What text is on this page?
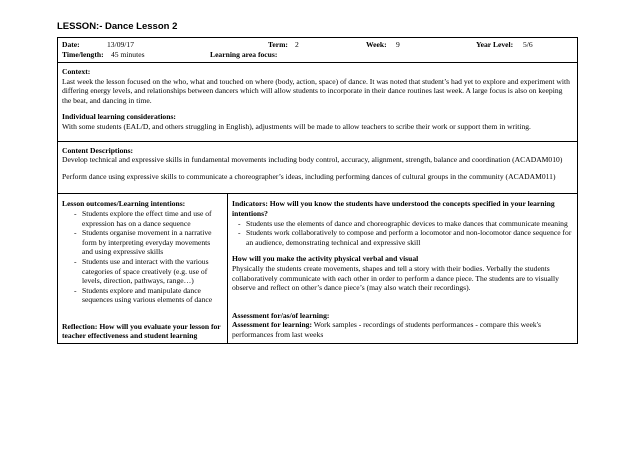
LESSON:- Dance Lesson 2
Date:	13/09/17	Term: 2	Week: 9	Year Level: 5/6
Time/length: 45 minutes	Learning area focus:

Context:
Last week the lesson focused on the who, what and touched on where (body, action, space) of dance. It was noted that student’s had yet to explore and experiment with differing energy levels, and relationships between dancers which will allow students to incorporate in their dance routines last week. A large focus is also on keeping the beat, and dancing in time.
Individual learning considerations:
With some students (EAL/D, and others struggling in English), adjustments will be made to allow teachers to scribe their work or support them in writing.

Content Descriptions:
Develop technical and expressive skills in fundamental movements including body control, accuracy, alignment, strength, balance and coordination (ACADAM010)
Perform dance using expressive skills to communicate a choreographer’s ideas, including performing dances of cultural groups in the community (ACADAM011)

Lesson outcomes/Learning intentions:
- Students explore the effect time and use of expression has on a dance sequence
- Students organise movement in a narrative form by interpreting everyday movements and using expressive skills
- Students use and interact with the various categories of space creatively (e.g. use of levels, direction, pathways, range…)
- Students explore and manipulate dance sequences using various elements of dance
Reflection: How will you evaluate your lesson for teacher effectiveness and student learning

Indicators: How will you know the students have understood the concepts specified in your learning intentions?
- Students use the elements of dance and choreographic devices to make dances that communicate meaning
- Students work collaboratively to compose and perform a locomotor and non-locomotor dance sequence for an audience, demonstrating technical and expressive skill
How will you make the activity physical verbal and visual
Physically the students create movements, shapes and tell a story with their bodies. Verbally the students collaboratively communicate with each other in order to perform a dance piece. The students are to visually observe and reflect on other’s dance piece’s (may also watch their recordings).
Assessment for/as/of learning:
Assessment for learning: Work samples - recordings of students performances - compare this week's performances from last weeks
